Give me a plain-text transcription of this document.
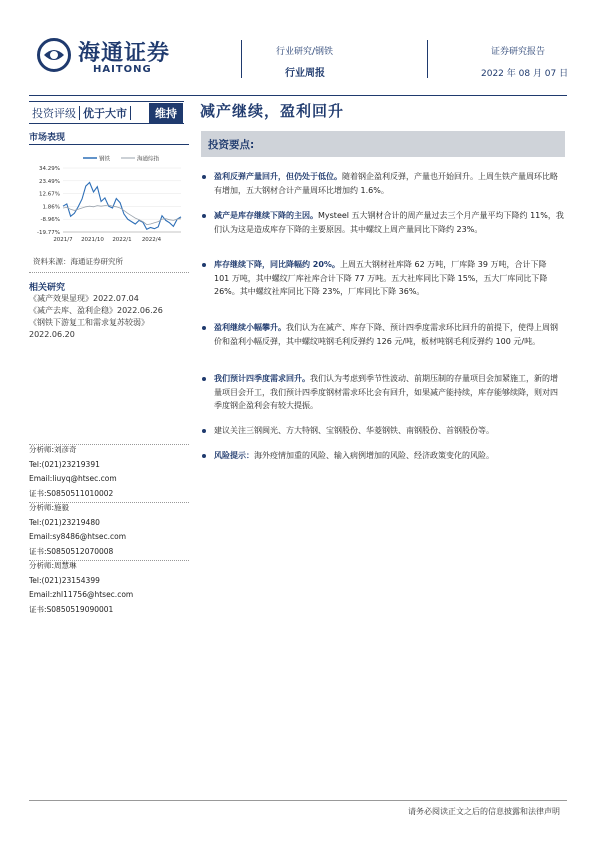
海通证券
HAITONG
行业研究/钢铁
行业周报
证券研究报告
2022 年 08 月 07 日
投资评级 优于大市	维持	减产继续，盈利回升
市场表现
钢铁	海通综指
34.29%
23.49%
12.67%
1.86%
-8.96%
-19.77%
2021/7 2021/10 2022/1 2022/4
资料来源：海通证券研究所
相关研究
《减产效果显现》2022.07.04
《减产去库、盈利企稳》2022.06.26
《钢铁下游复工和需求复苏较弱》
2022.06.20
分析师:刘彦奇
Tel:(021)23219391
Email:liuyq@htsec.com
证书:S0850511010002
分析师:施毅
Tel:(021)23219480
Email:sy8486@htsec.com
证书:S0850512070008
分析师:周慧琳
Tel:(021)23154399
Email:zhl11756@htsec.com
证书:S0850519090001
投资要点:
盈利反弹产量回升，但仍处于低位。随着钢企盈利反弹，产量也开始回升。上周生铁产量周环比略有增加，五大钢材合计产量周环比增加约 1.6%。
减产是库存继续下降的主因。Mysteel 五大钢材合计的周产量过去三个月产量平均下降约 11%，我们认为这是造成库存下降的主要原因。其中螺纹上周产量同比下降约 23%。
库存继续下降，同比降幅约 20%。上周五大钢材社库降 62 万吨，厂库降 39 万吨，合计下降 101 万吨，其中螺纹厂库社库合计下降 77 万吨。五大社库同比下降 15%，五大厂库同比下降 26%。其中螺纹社库同比下降 23%，厂库同比下降 36%。
盈利继续小幅攀升。我们认为在减产、库存下降、预计四季度需求环比回升的前提下，使得上周钢价和盈利小幅反弹，其中螺纹吨钢毛利反弹约 126 元/吨，板材吨钢毛利反弹约 100 元/吨。
我们预计四季度需求回升。我们认为考虑到季节性波动、前期压制的存量项目会加紧施工，新的增量项目会开工，我们预计四季度钢材需求环比会有回升，如果减产能持续，库存能够续降，则对四季度钢企盈利会有较大提振。
建议关注三钢闽光、方大特钢、宝钢股份、华菱钢铁、南钢股份、首钢股份等。
风险提示：海外疫情加重的风险、输入病例增加的风险、经济政策变化的风险。
请务必阅读正文之后的信息披露和法律声明
